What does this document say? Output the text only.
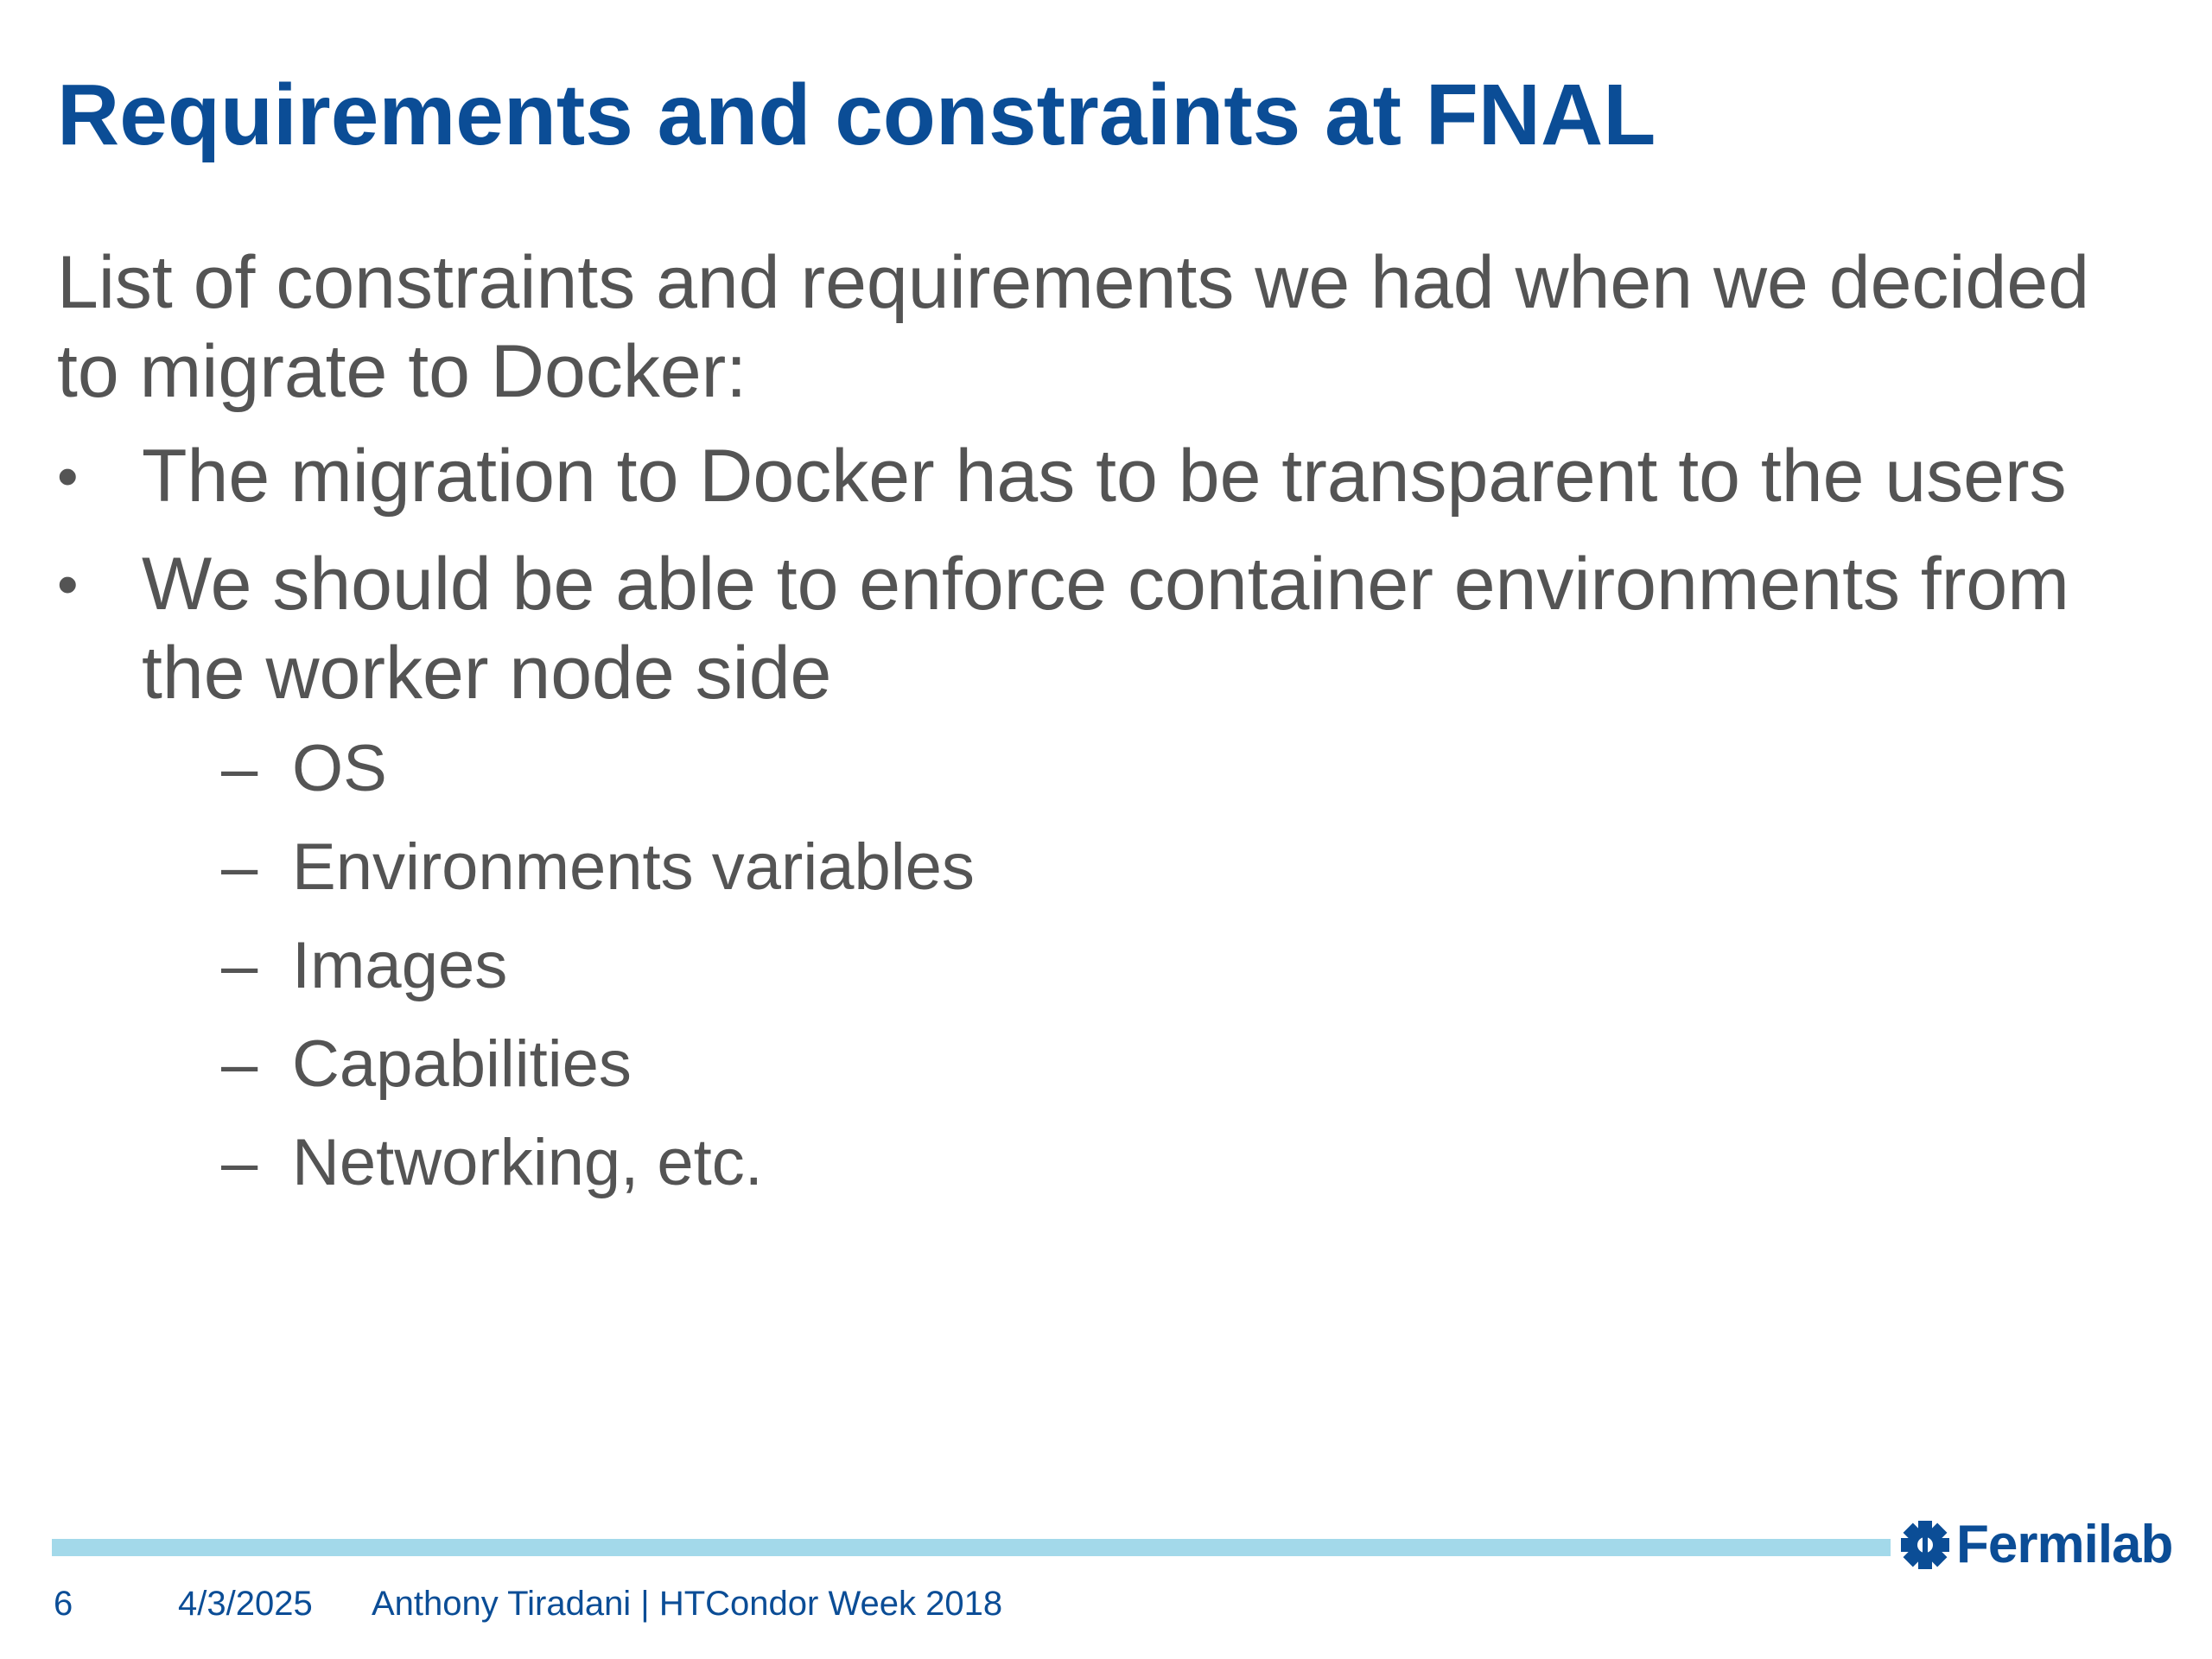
Requirements and constraints at FNAL

List of constraints and requirements we had when we decided to migrate to Docker:

• The migration to Docker has to be transparent to the users
• We should be able to enforce container environments from the worker node side
– OS
– Environments variables
– Images
– Capabilities
– Networking, etc.
Fermilab
6	4/3/2025 Anthony Tiradani | HTCondor Week 2018
